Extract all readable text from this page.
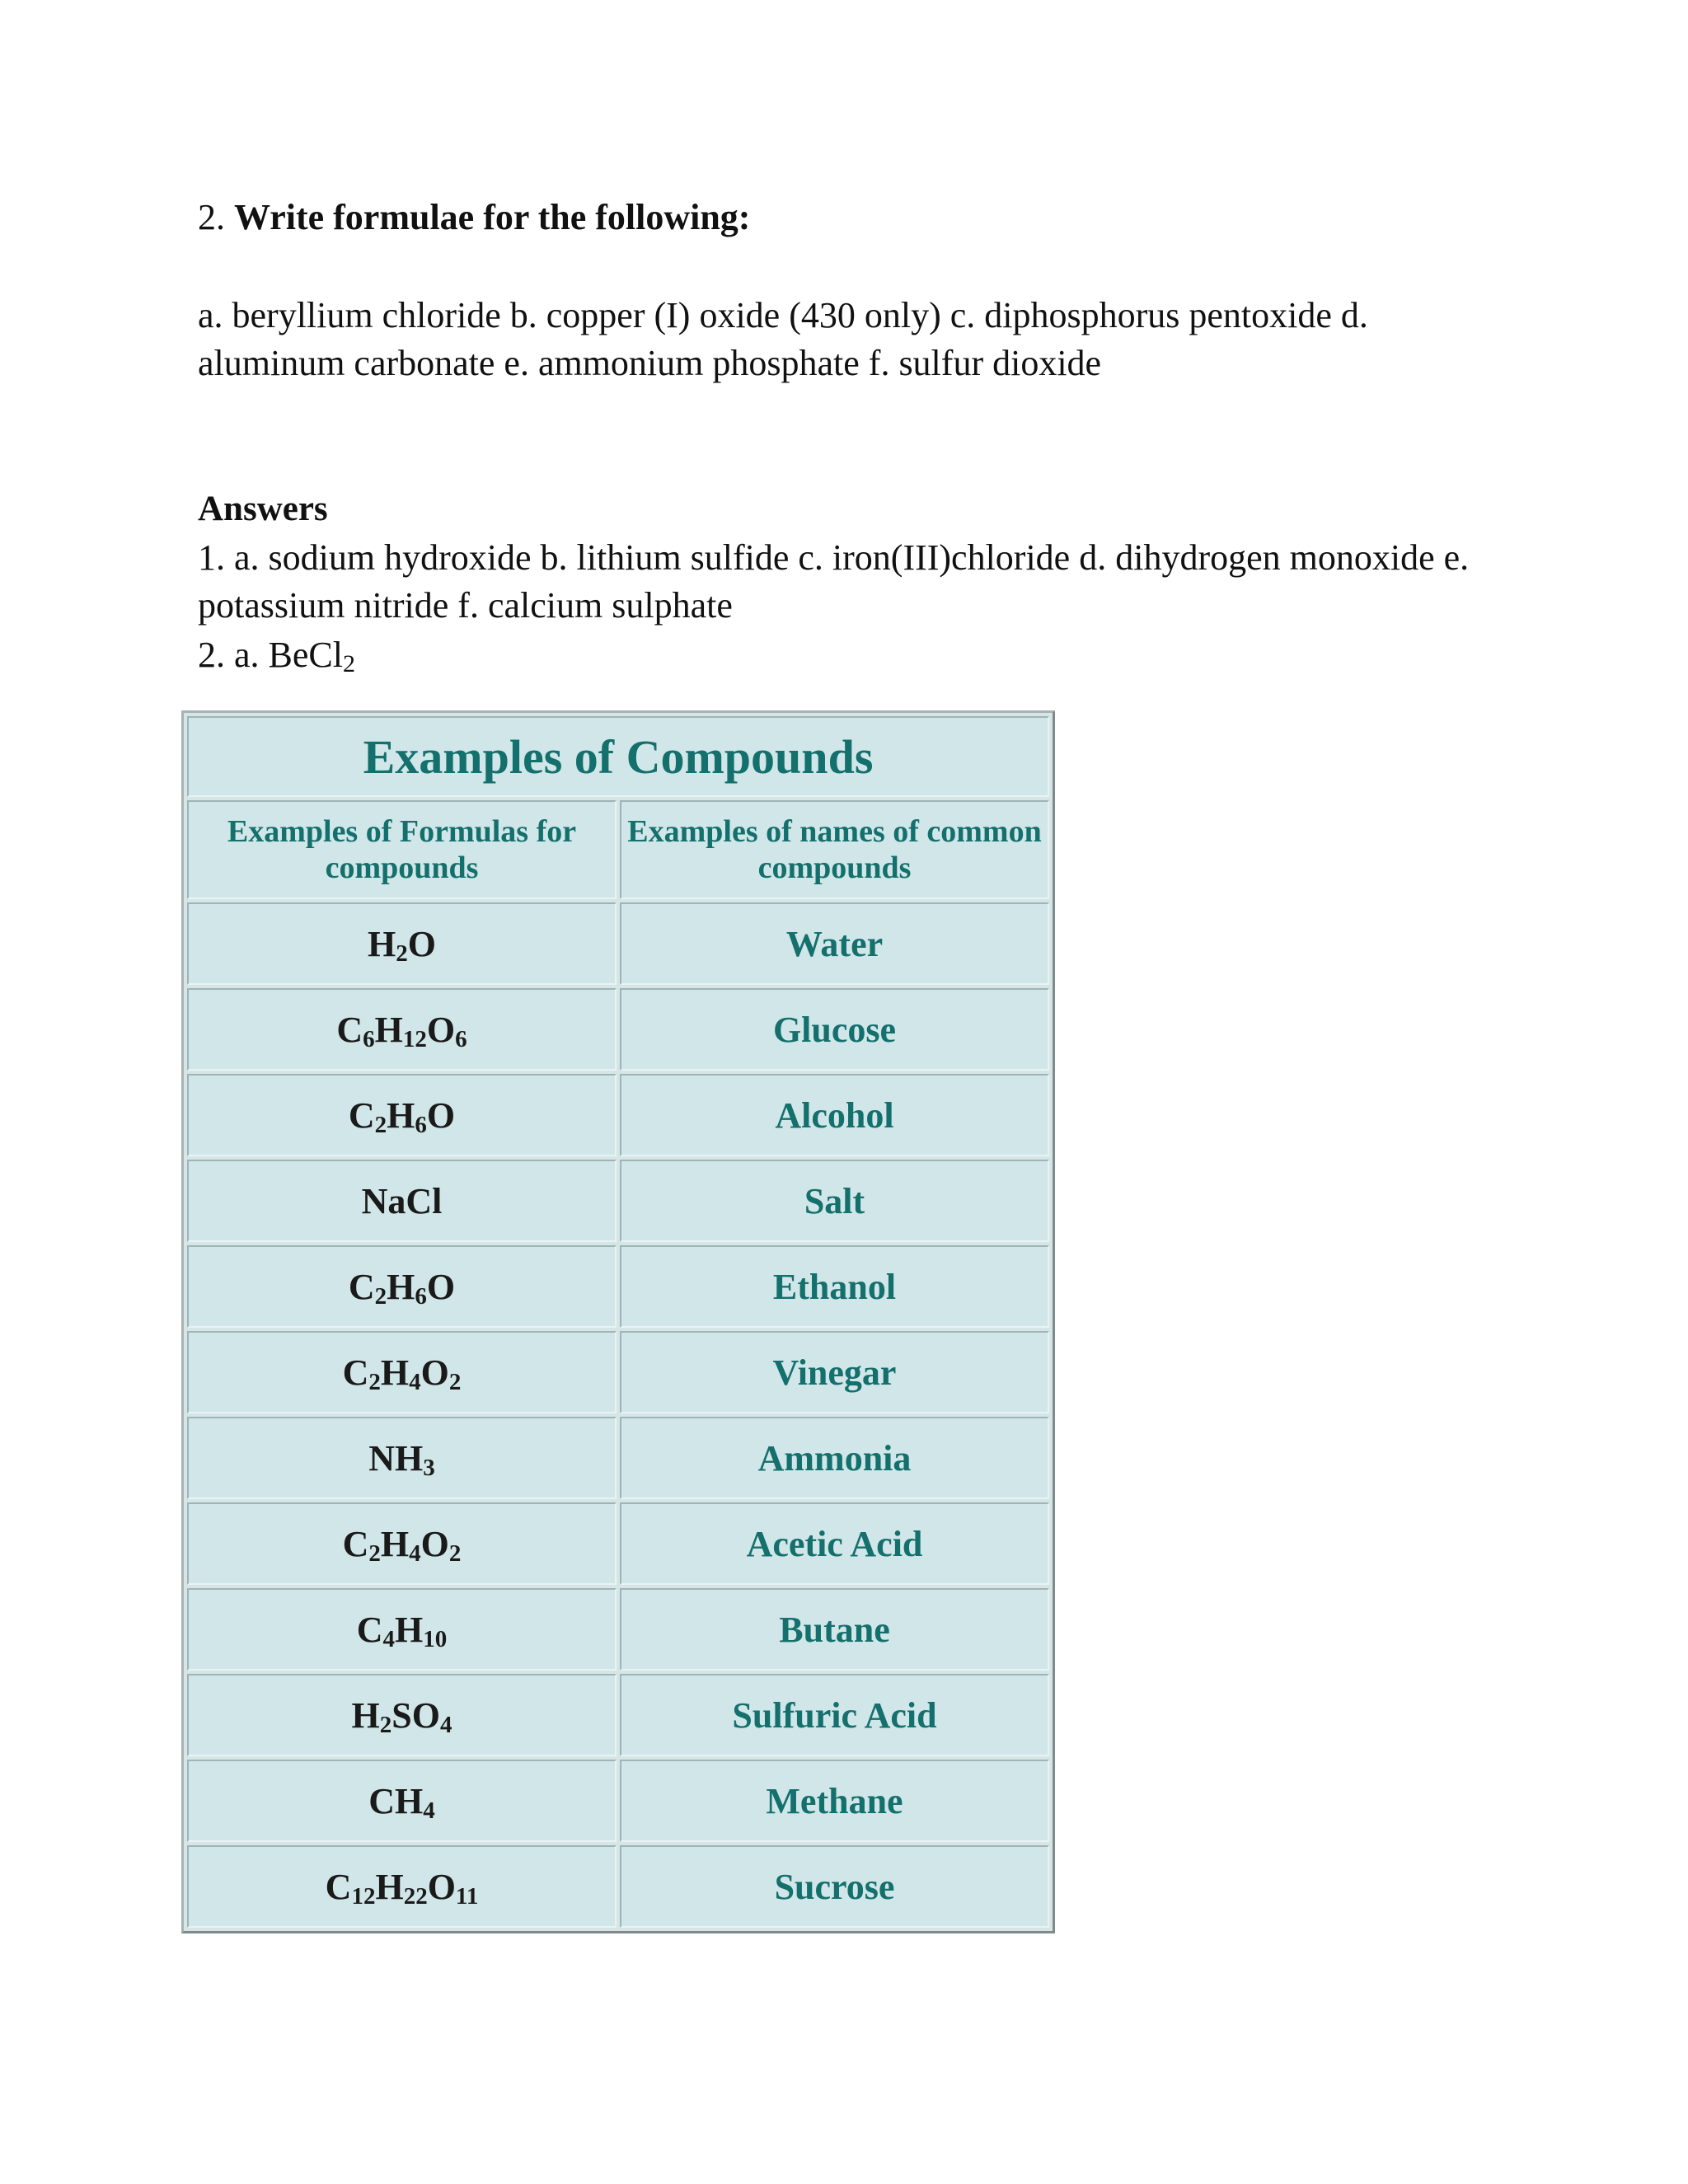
2. Write formulae for the following:

a. beryllium chloride b. copper (I) oxide (430 only) c. diphosphorus pentoxide d. aluminum carbonate e. ammonium phosphate f. sulfur dioxide

Answers

1. a. sodium hydroxide b. lithium sulfide c. iron(III)chloride d. dihydrogen monoxide e. potassium nitride f. calcium sulphate

2. a. BeCl$_2$
Examples of Compounds	
Examples of Formulas for compounds	Examples of names of common compounds
$H_2O$	Water
$C_6H_{12}O_6$	Glucose
$C_2H_6O$	Alcohol
NaCl	Salt
$C_2H_6O$	Ethanol
$C_2H_4O_2$	Vinegar
$NH_3$	Ammonia
$C_2H_4O_2$	Acetic Acid
$C_4H_{10}$	Butane
$H_2SO_4$	Sulfuric Acid
$CH_4$	Methane
$C_{12}H_{22}O_{11}$	Sucrose
